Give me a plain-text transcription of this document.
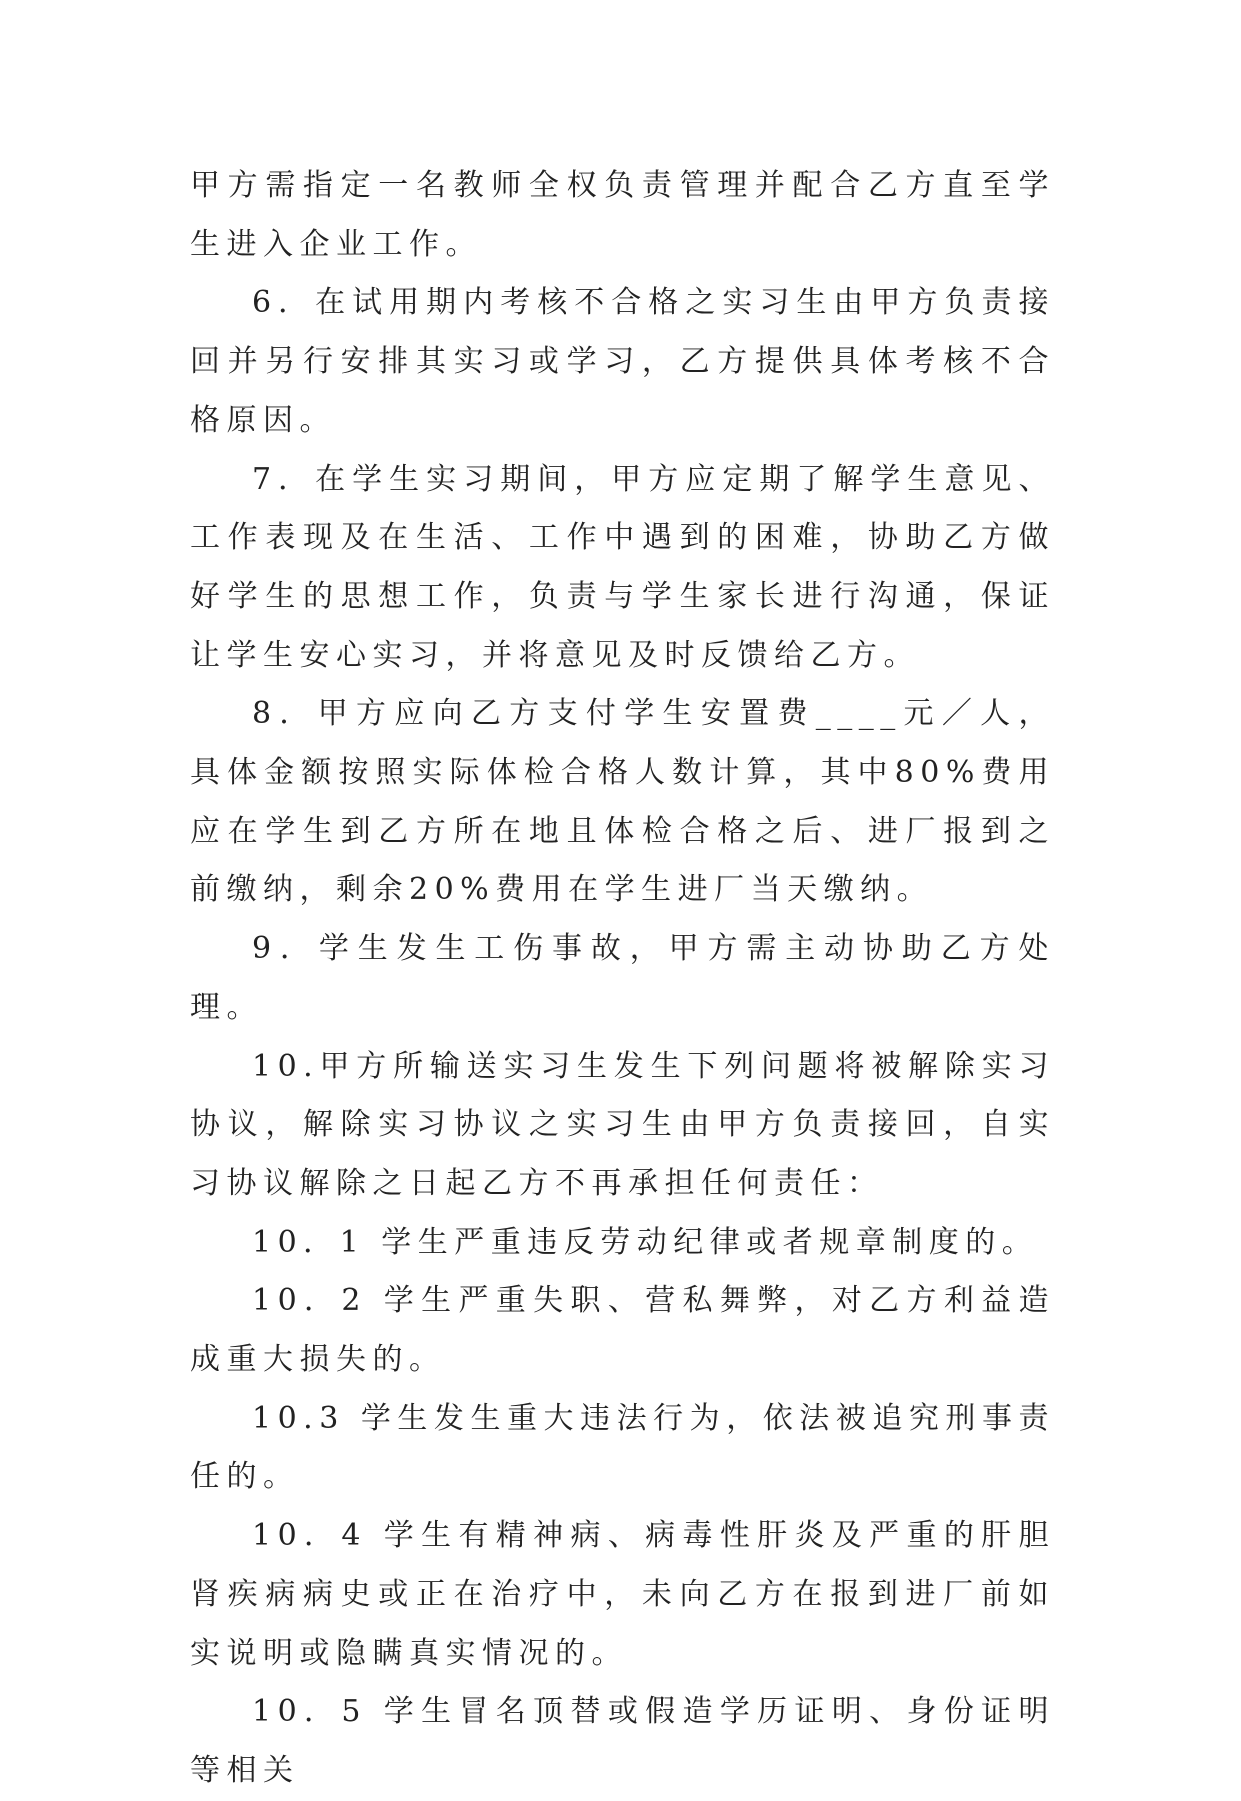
甲方需指定一名教师全权负责管理并配合乙方直至学生进入企业工作。

6．在试用期内考核不合格之实习生由甲方负责接回并另行安排其实习或学习，乙方提供具体考核不合格原因。

7．在学生实习期间，甲方应定期了解学生意见、工作表现及在生活、工作中遇到的困难，协助乙方做好学生的思想工作，负责与学生家长进行沟通，保证让学生安心实习，并将意见及时反馈给乙方。

8．甲方应向乙方支付学生安置费____元／人，具体金额按照实际体检合格人数计算，其中80%费用应在学生到乙方所在地且体检合格之后、进厂报到之前缴纳，剩余20%费用在学生进厂当天缴纳。

9．学生发生工伤事故，甲方需主动协助乙方处理。

10.甲方所输送实习生发生下列问题将被解除实习协议，解除实习协议之实习生由甲方负责接回，自实习协议解除之日起乙方不再承担任何责任：

10．1 学生严重违反劳动纪律或者规章制度的。

10．2 学生严重失职、营私舞弊，对乙方利益造成重大损失的。

10.3 学生发生重大违法行为，依法被追究刑事责任的。

10．4 学生有精神病、病毒性肝炎及严重的肝胆肾疾病病史或正在治疗中，未向乙方在报到进厂前如实说明或隐瞒真实情况的。

10．5 学生冒名顶替或假造学历证明、身份证明等相关
